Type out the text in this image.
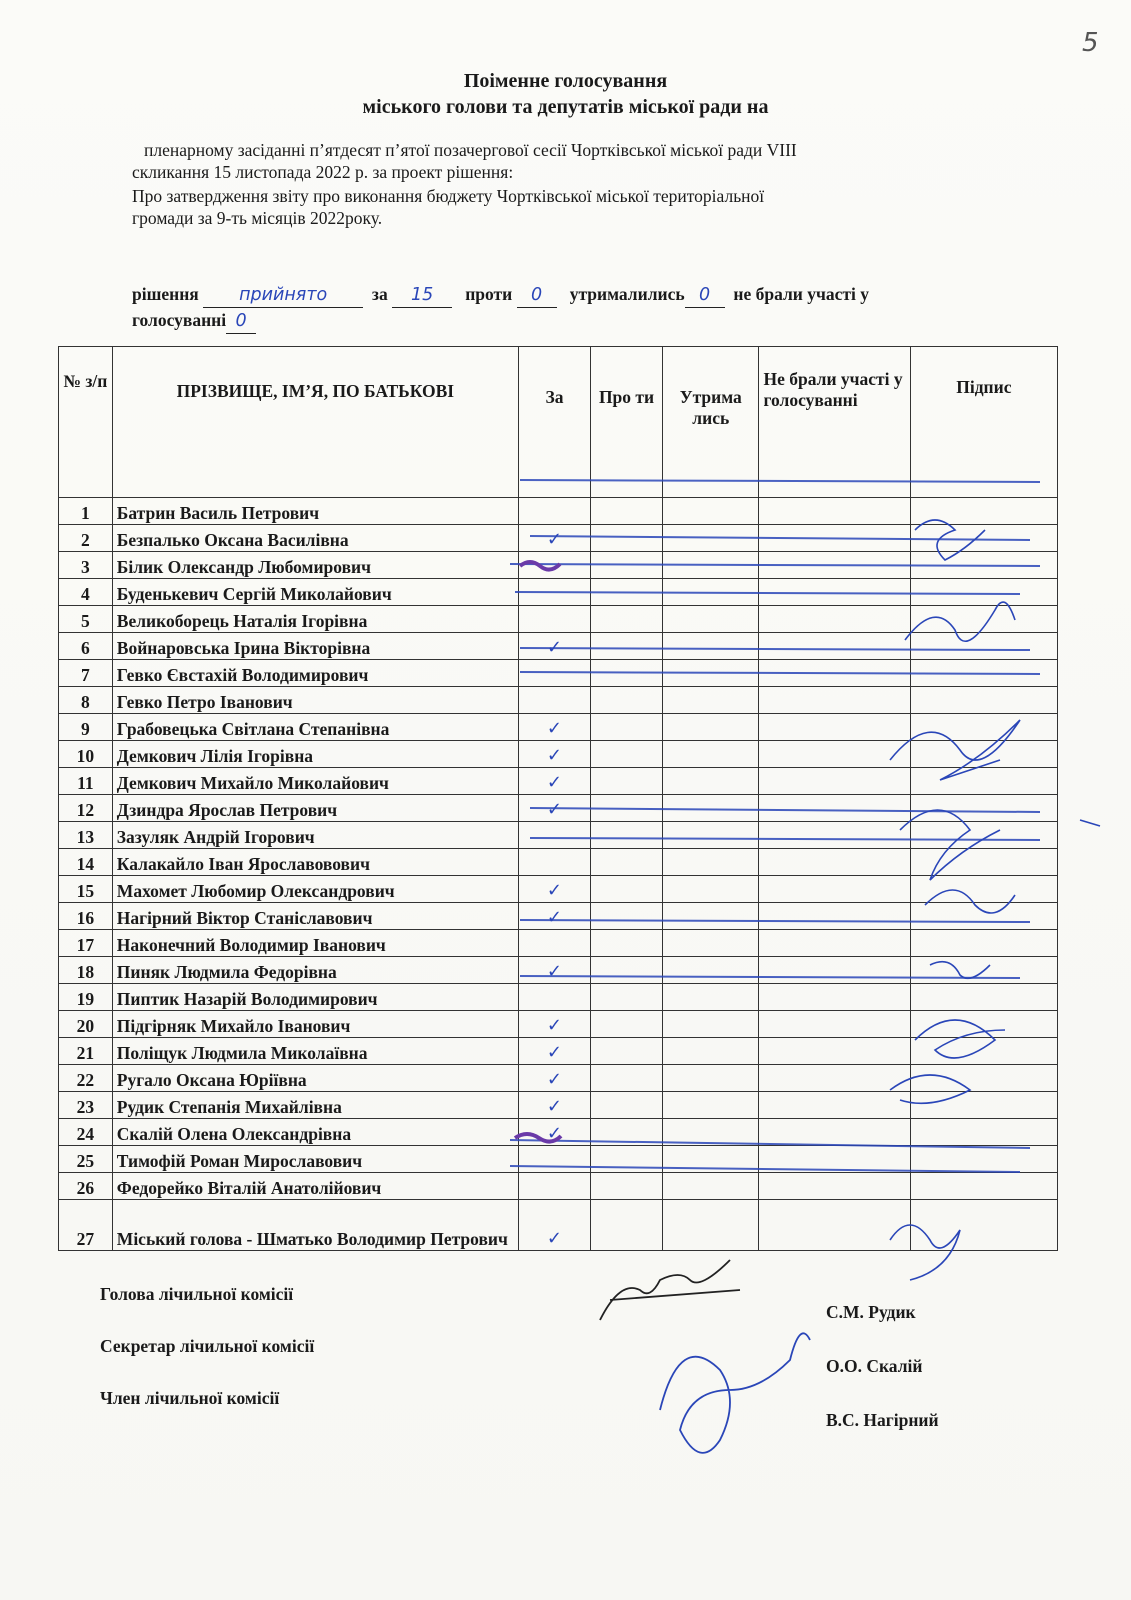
5
Поіменне голосування
міського голови та депутатів міської ради на
пленарному засіданні п’ятдесят п’ятої позачергової сесії Чортківської міської ради VIII
скликання 15 листопада 2022 р. за проект рішення:
Про затвердження звіту про виконання бюджету Чортківської міської територіальної
громади за 9-ть місяців 2022року.
рішення прийнято	за 15 проти 0 утрималились 0 не брали участі у
голосуванні 0
№ з/п	ПРІЗВИЩЕ, ІМ’Я, ПО БАТЬКОВІ	За	Про ти	Утрима лись	Не брали участі у голосуванні	Підпис
1	Батрин Василь Петрович					
2	Безпалько Оксана Василівна	✓				
3	Білик Олександр Любомирович					
4	Буденькевич Сергій Миколайович					
5	Великоборець Наталія Ігорівна					
6	Войнаровська Ірина Вікторівна	✓				
7	Гевко Євстахій Володимирович					
8	Гевко Петро Іванович					
9	Грабовецька Світлана Степанівна	✓				
10	Демкович Лілія Ігорівна	✓				
11	Демкович Михайло Миколайович	✓				
12	Дзиндра Ярослав Петрович	✓				
13	Зазуляк Андрій Ігорович					
14	Калакайло Іван Ярославовович					
15	Махомет Любомир Олександрович	✓				
16	Нагірний Віктор Станіславович	✓				
17	Наконечний Володимир Іванович					
18	Пиняк Людмила Федорівна	✓				
19	Пиптик Назарій Володимирович					
20	Підгірняк Михайло Іванович	✓				
21	Поліщук Людмила Миколаївна	✓				
22	Ругало Оксана Юріївна	✓				
23	Рудик Степанія Михайлівна	✓				
24	Скалій Олена Олександрівна	✓				
25	Тимофій Роман Мирославович					
26	Федорейко Віталій Анатолійович					
27	Міський голова - Шматько Володимир Петрович	✓				
Голова лічильної комісії
С.М. Рудик
Секретар лічильної комісії
О.О. Скалій
Член лічильної комісії
В.С. Нагірний
